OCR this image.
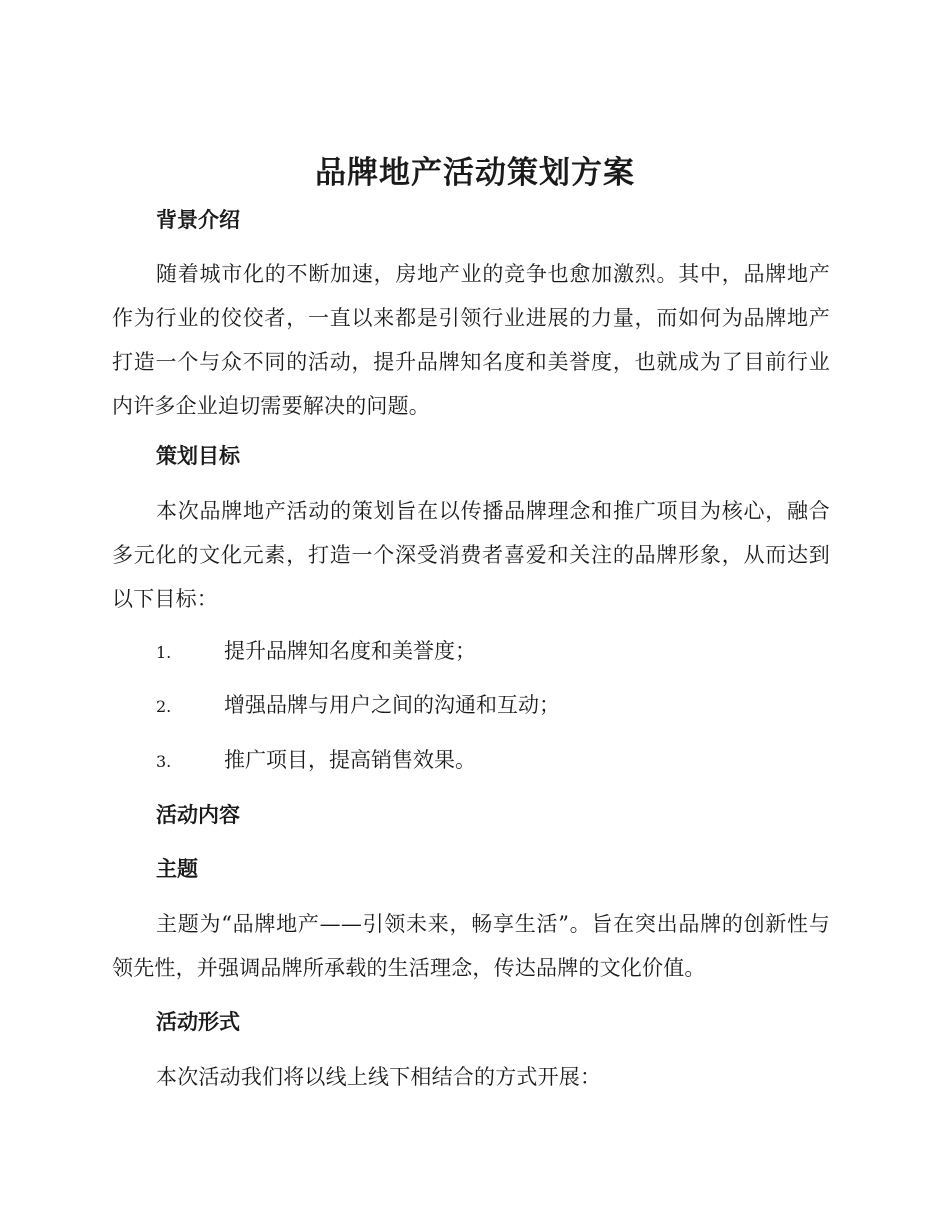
品牌地产活动策划方案
背景介绍

随着城市化的不断加速，房地产业的竞争也愈加激烈。其中，品牌地产作为行业的佼佼者，一直以来都是引领行业进展的力量，而如何为品牌地产打造一个与众不同的活动，提升品牌知名度和美誉度，也就成为了目前行业内许多企业迫切需要解决的问题。

策划目标

本次品牌地产活动的策划旨在以传播品牌理念和推广项目为核心，融合多元化的文化元素，打造一个深受消费者喜爱和关注的品牌形象，从而达到以下目标：

1.	提升品牌知名度和美誉度；
2.	增强品牌与用户之间的沟通和互动；
3.	推广项目，提高销售效果。
活动内容
主题

主题为“品牌地产——引领未来，畅享生活”。旨在突出品牌的创新性与领先性，并强调品牌所承载的生活理念，传达品牌的文化价值。

活动形式

本次活动我们将以线上线下相结合的方式开展：
